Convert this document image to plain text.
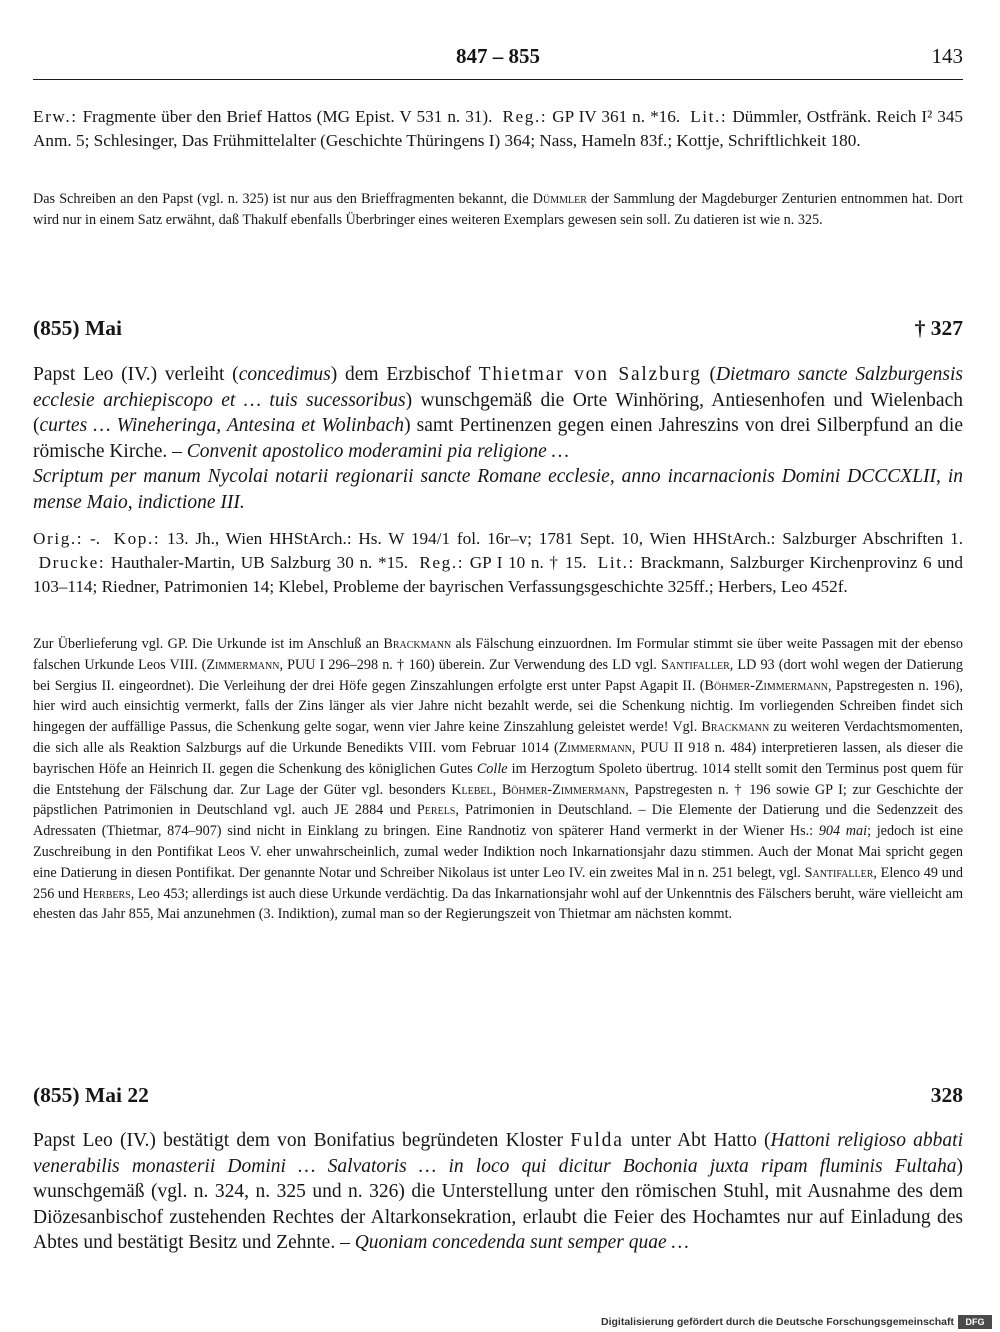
847 – 855	143
Erw.: Fragmente über den Brief Hattos (MG Epist. V 531 n. 31). Reg.: GP IV 361 n. *16. Lit.: Dümmler, Ostfränk. Reich I² 345 Anm. 5; Schlesinger, Das Frühmittelalter (Geschichte Thüringens I) 364; Nass, Hameln 83f.; Kottje, Schriftlichkeit 180.
Das Schreiben an den Papst (vgl. n. 325) ist nur aus den Brieffragmenten bekannt, die Dümmler der Sammlung der Magdeburger Zenturien entnommen hat. Dort wird nur in einem Satz erwähnt, daß Thakulf ebenfalls Überbringer eines weiteren Exemplars gewesen sein soll. Zu datieren ist wie n. 325.
(855) Mai	† 327
Papst Leo (IV.) verleiht (concedimus) dem Erzbischof Thietmar von Salzburg (Dietmaro sancte Salzburgensis ecclesie archiepiscopo et … tuis sucessoribus) wunschgemäß die Orte Winhöring, Antiesenhofen und Wielenbach (curtes … Wineheringa, Antesina et Wolinbach) samt Pertinenzen gegen einen Jahreszins von drei Silberpfund an die römische Kirche. – Convenit apostolico moderamini pia religione …
Scriptum per manum Nycolai notarii regionarii sancte Romane ecclesie, anno incarnacionis Domini DCCCXLII, in mense Maio, indictione III.
Orig.: -.  Kop.: 13. Jh., Wien HHStArch.: Hs. W 194/1 fol. 16r–v; 1781 Sept. 10, Wien HHStArch.: Salzburger Abschriften 1.  Drucke: Hauthaler-Martin, UB Salzburg 30 n. *15.  Reg.: GP I 10 n. † 15.  Lit.: Brackmann, Salzburger Kirchenprovinz 6 und 103–114; Riedner, Patrimonien 14; Klebel, Probleme der bayrischen Verfassungsgeschichte 325ff.; Herbers, Leo 452f.
Zur Überlieferung vgl. GP. Die Urkunde ist im Anschluß an Brackmann als Fälschung einzuordnen. Im Formular stimmt sie über weite Passagen mit der ebenso falschen Urkunde Leos VIII. (Zimmermann, PUU I 296–298 n. † 160) überein. Zur Verwendung des LD vgl. Santifaller, LD 93 (dort wohl wegen der Datierung bei Sergius II. eingeordnet). Die Verleihung der drei Höfe gegen Zinszahlungen erfolgte erst unter Papst Agapit II. (Böhmer-Zimmermann, Papstregesten n. 196), hier wird auch einsichtig vermerkt, falls der Zins länger als vier Jahre nicht bezahlt werde, sei die Schenkung nichtig. Im vorliegenden Schreiben findet sich hingegen der auffällige Passus, die Schenkung gelte sogar, wenn vier Jahre keine Zinszahlung geleistet werde! Vgl. Brackmann zu weiteren Verdachtsmomenten, die sich alle als Reaktion Salzburgs auf die Urkunde Benedikts VIII. vom Februar 1014 (Zimmermann, PUU II 918 n. 484) interpretieren lassen, als dieser die bayrischen Höfe an Heinrich II. gegen die Schenkung des königlichen Gutes Colle im Herzogtum Spoleto übertrug. 1014 stellt somit den Terminus post quem für die Entstehung der Fälschung dar. Zur Lage der Güter vgl. besonders Klebel, Böhmer-Zimmermann, Papstregesten n. † 196 sowie GP I; zur Geschichte der päpstlichen Patrimonien in Deutschland vgl. auch JE 2884 und Perels, Patrimonien in Deutschland. – Die Elemente der Datierung und die Sedenzzeit des Adressaten (Thietmar, 874–907) sind nicht in Einklang zu bringen. Eine Randnotiz von späterer Hand vermerkt in der Wiener Hs.: 904 mai; jedoch ist eine Zuschreibung in den Pontifikat Leos V. eher unwahrscheinlich, zumal weder Indiktion noch Inkarnationsjahr dazu stimmen. Auch der Monat Mai spricht gegen eine Datierung in diesen Pontifikat. Der genannte Notar und Schreiber Nikolaus ist unter Leo IV. ein zweites Mal in n. 251 belegt, vgl. Santifaller, Elenco 49 und 256 und Herbers, Leo 453; allerdings ist auch diese Urkunde verdächtig. Da das Inkarnationsjahr wohl auf der Unkenntnis des Fälschers beruht, wäre vielleicht am ehesten das Jahr 855, Mai anzunehmen (3. Indiktion), zumal man so der Regierungszeit von Thietmar am nächsten kommt.
(855) Mai 22	328
Papst Leo (IV.) bestätigt dem von Bonifatius begründeten Kloster Fulda unter Abt Hatto (Hattoni religioso abbati venerabilis monasterii Domini … Salvatoris … in loco qui dicitur Bochonia juxta ripam fluminis Fultaha) wunschgemäß (vgl. n. 324, n. 325 und n. 326) die Unterstellung unter den römischen Stuhl, mit Ausnahme des dem Diözesanbischof zustehenden Rechtes der Altarkonsekration, erlaubt die Feier des Hochamtes nur auf Einladung des Abtes und bestätigt Besitz und Zehnte. – Quoniam concedenda sunt semper quae …
Digitalisierung gefördert durch die Deutsche Forschungsgemeinschaft	DFG
